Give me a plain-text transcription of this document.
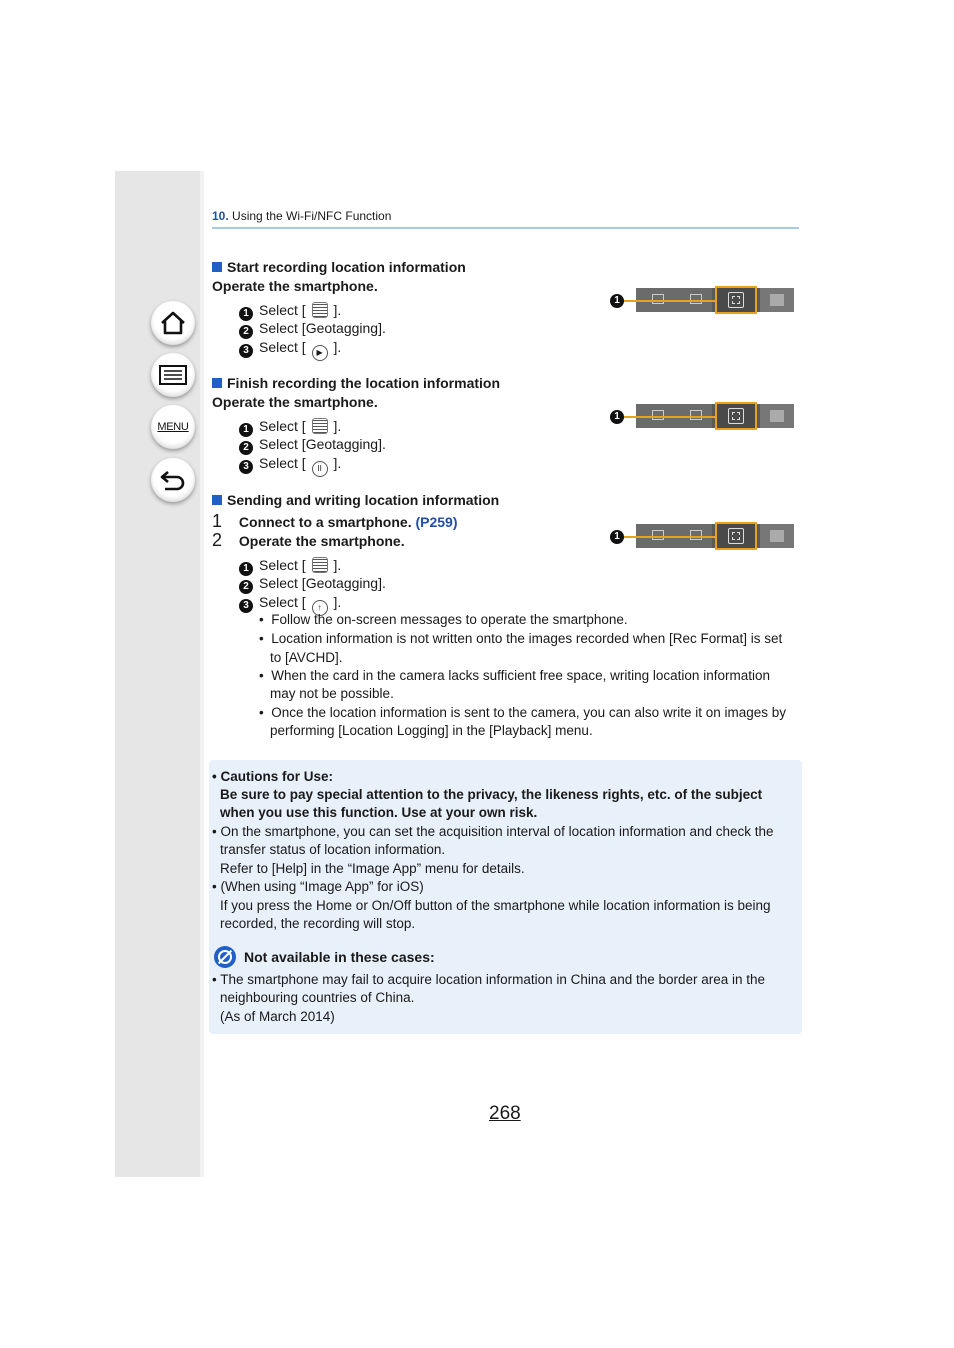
MENU
10. Using the Wi-Fi/NFC Function
Start recording location information
Operate the smartphone.
1 Select [ ].
2 Select [Geotagging].
3 Select [ ▶ ].
Finish recording the location information
Operate the smartphone.
1 Select [ ].
2 Select [Geotagging].
3 Select [ II ].
Sending and writing location information
1 Connect to a smartphone. (P259)
2 Operate the smartphone.
1 Select [ ].
2 Select [Geotagging].
3 Select [ ↑ ].
•  Follow the on-screen messages to operate the smartphone.
•  Location information is not written onto the images recorded when [Rec Format] is set
to [AVCHD].
•  When the card in the camera lacks sufficient free space, writing location information
may not be possible.
•  Once the location information is sent to the camera, you can also write it on images by
performing [Location Logging] in the [Playback] menu.
1
1
1
• Cautions for Use:
Be sure to pay special attention to the privacy, the likeness rights, etc. of the subject
when you use this function. Use at your own risk.
• On the smartphone, you can set the acquisition interval of location information and check the
transfer status of location information.
Refer to [Help] in the “Image App” menu for details.
• (When using “Image App” for iOS)
If you press the Home or On/Off button of the smartphone while location information is being
recorded, the recording will stop.
Not available in these cases:
• The smartphone may fail to acquire location information in China and the border area in the
neighbouring countries of China.
(As of March 2014)
268
